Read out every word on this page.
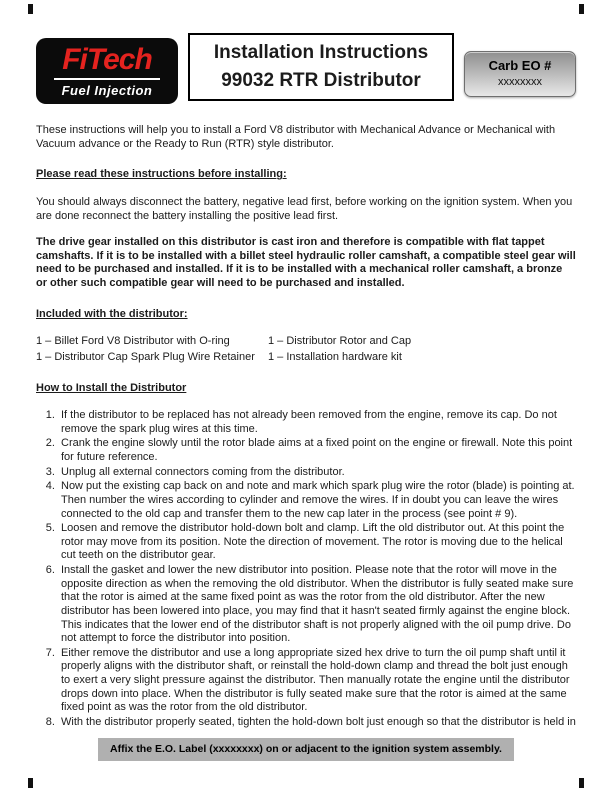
FiTech
Fuel Injection
Installation Instructions
99032 RTR Distributor
Carb EO #
xxxxxxxx

These instructions will help you to install a Ford V8 distributor with Mechanical Advance or Mechanical with Vacuum advance or the Ready to Run (RTR) style distributor.

Please read these instructions before installing:

You should always disconnect the battery, negative lead first, before working on the ignition system. When you are done reconnect the battery installing the positive lead first.

The drive gear installed on this distributor is cast iron and therefore is compatible with flat tappet camshafts. If it is to be installed with a billet steel hydraulic roller camshaft, a compatible steel gear will need to be purchased and installed. If it is to be installed with a mechanical roller camshaft, a bronze or other such compatible gear will need to be purchased and installed.

Included with the distributor:
1 – Billet Ford V8 Distributor with O-ring	1 – Distributor Rotor and Cap
1 – Distributor Cap Spark Plug Wire Retainer	1 – Installation hardware kit
How to Install the Distributor
1. If the distributor to be replaced has not already been removed from the engine, remove its cap. Do not remove the spark plug wires at this time.
2. Crank the engine slowly until the rotor blade aims at a fixed point on the engine or firewall. Note this point for future reference.
3. Unplug all external connectors coming from the distributor.
4. Now put the existing cap back on and note and mark which spark plug wire the rotor (blade) is pointing at. Then number the wires according to cylinder and remove the wires. If in doubt you can leave the wires connected to the old cap and transfer them to the new cap later in the process (see point # 9).
5. Loosen and remove the distributor hold-down bolt and clamp. Lift the old distributor out. At this point the rotor may move from its position. Note the direction of movement. The rotor is moving due to the helical cut teeth on the distributor gear.
6. Install the gasket and lower the new distributor into position. Please note that the rotor will move in the opposite direction as when the removing the old distributor. When the distributor is fully seated make sure that the rotor is aimed at the same fixed point as was the rotor from the old distributor. After the new distributor has been lowered into place, you may find that it hasn't seated firmly against the engine block. This indicates that the lower end of the distributor shaft is not properly aligned with the oil pump drive. Do not attempt to force the distributor into position.
7. Either remove the distributor and use a long appropriate sized hex drive to turn the oil pump shaft until it properly aligns with the distributor shaft, or reinstall the hold-down clamp and thread the bolt just enough to exert a very slight pressure against the distributor. Then manually rotate the engine until the distributor drops down into place. When the distributor is fully seated make sure that the rotor is aimed at the same fixed point as was the rotor from the old distributor.
8. With the distributor properly seated, tighten the hold-down bolt just enough so that the distributor is held in
Affix the E.O. Label (xxxxxxxx) on or adjacent to the ignition system assembly.
